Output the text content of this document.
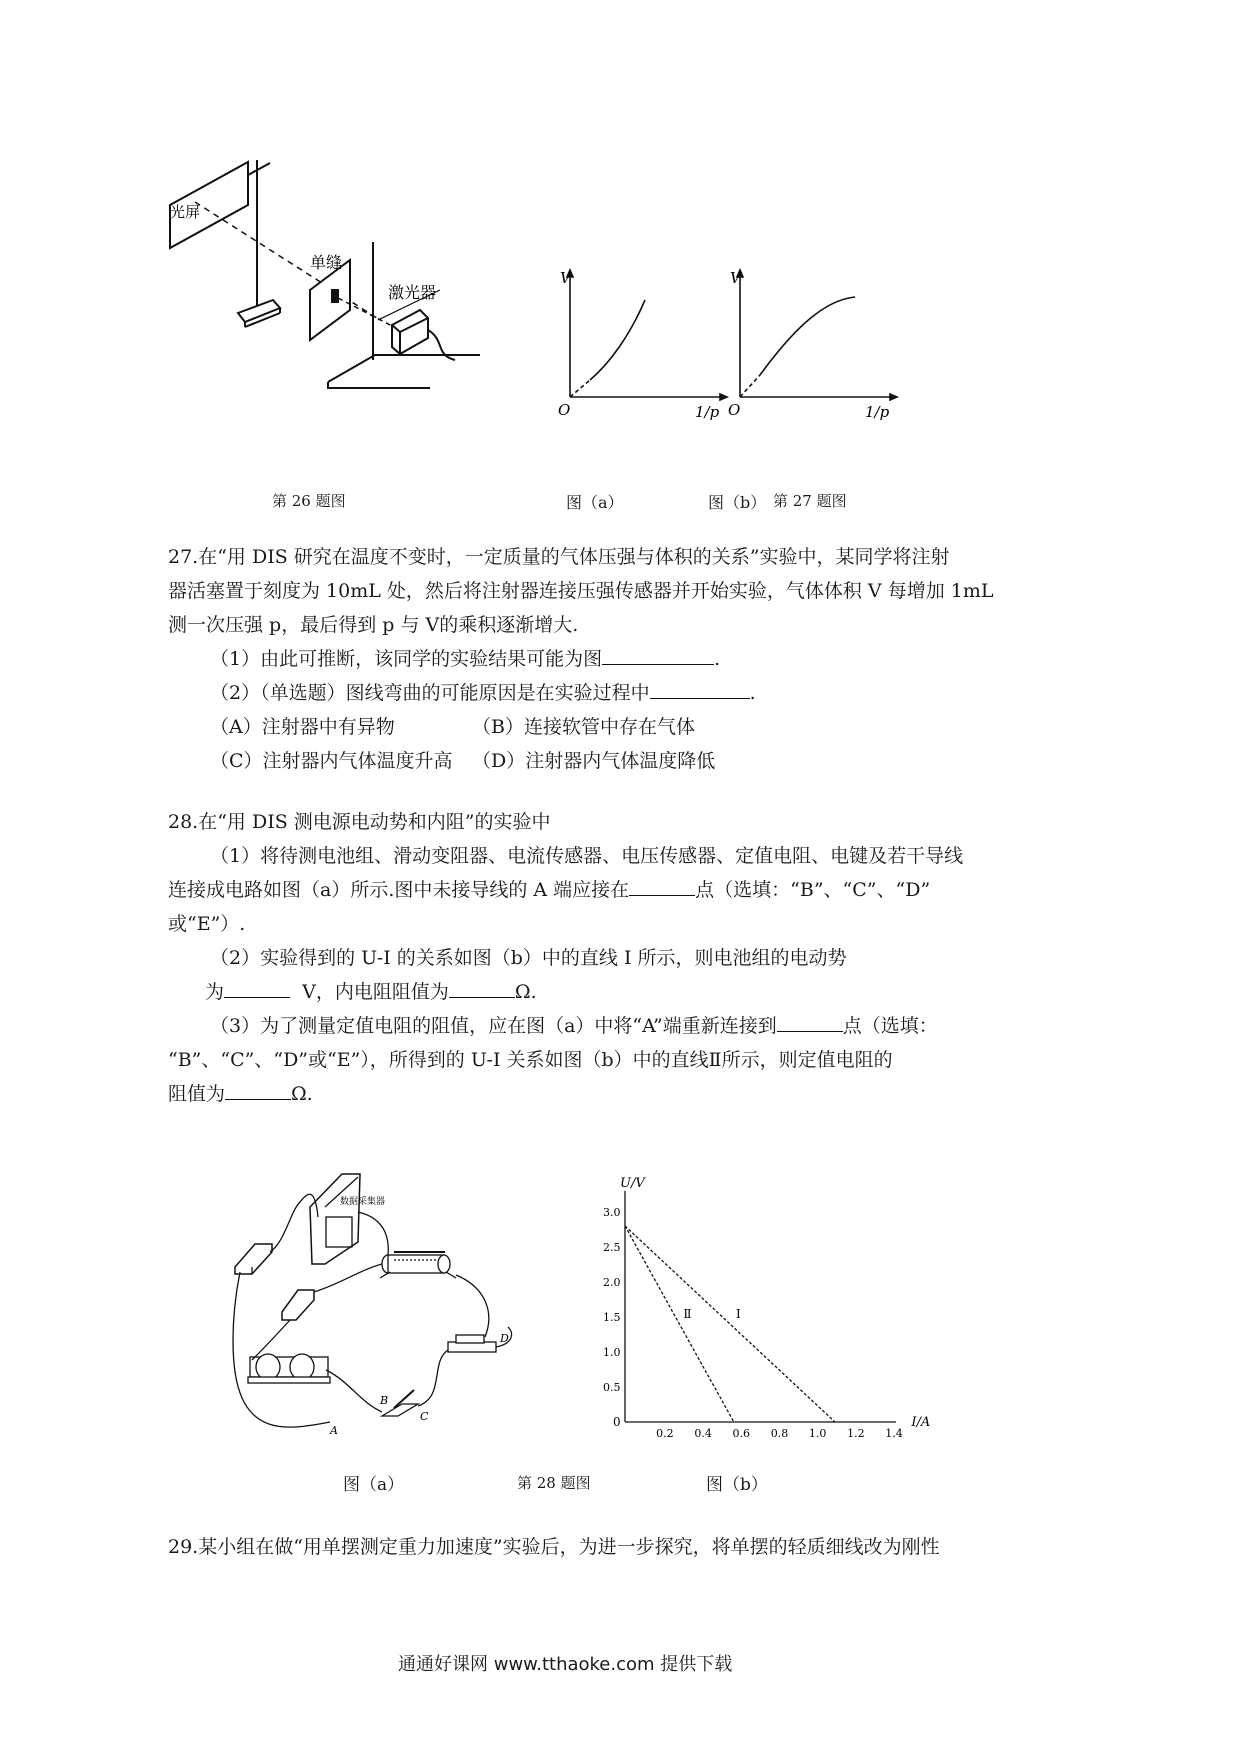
光屏
单缝
激光器
第 26 题图
V
O	1/p
图（a）
V
O	1/p
图（b） 第 27 题图
27.在“用 DIS 研究在温度不变时，一定质量的气体压强与体积的关系”实验中，某同学将注射
器活塞置于刻度为 10mL 处，然后将注射器连接压强传感器并开始实验，气体体积 V 每增加 1mL
测一次压强 p，最后得到 p 与 V的乘积逐渐增大.
（1）由此可推断，该同学的实验结果可能为图	.
（2）（单选题）图线弯曲的可能原因是在实验过程中	.
（A）注射器中有异物	（B）连接软管中存在气体
（C）注射器内气体温度升高 （D）注射器内气体温度降低
28.在“用 DIS 测电源电动势和内阻”的实验中
（1）将待测电池组、滑动变阻器、电流传感器、电压传感器、定值电阻、电键及若干导线
连接成电路如图（a）所示.图中未接导线的 A 端应接在	点（选填：“B”、“C”、“D”
或“E”）.
（2）实验得到的 U-I 的关系如图（b）中的直线 I 所示，则电池组的电动势
为	V，内电阻阻值为	Ω.
（3）为了测量定值电阻的阻值，应在图（a）中将“A”端重新连接到	点（选填：
“B”、“C”、“D”或“E”），所得到的 U-I 关系如图（b）中的直线Ⅱ所示，则定值电阻的
阻值为	Ω.
数据采集器
B
C
D
A
图（a）	第 28 题图	图（b）
0.2 0.4 0.6 0.8 1.0 1.2 1.4
0.5
1.0
1.5
2.0
2.5
3.0
I
Ⅱ
U/V
I/A
0
29.某小组在做“用单摆测定重力加速度”实验后，为进一步探究，将单摆的轻质细线改为刚性
通通好课网 www.tthaoke.com 提供下载
